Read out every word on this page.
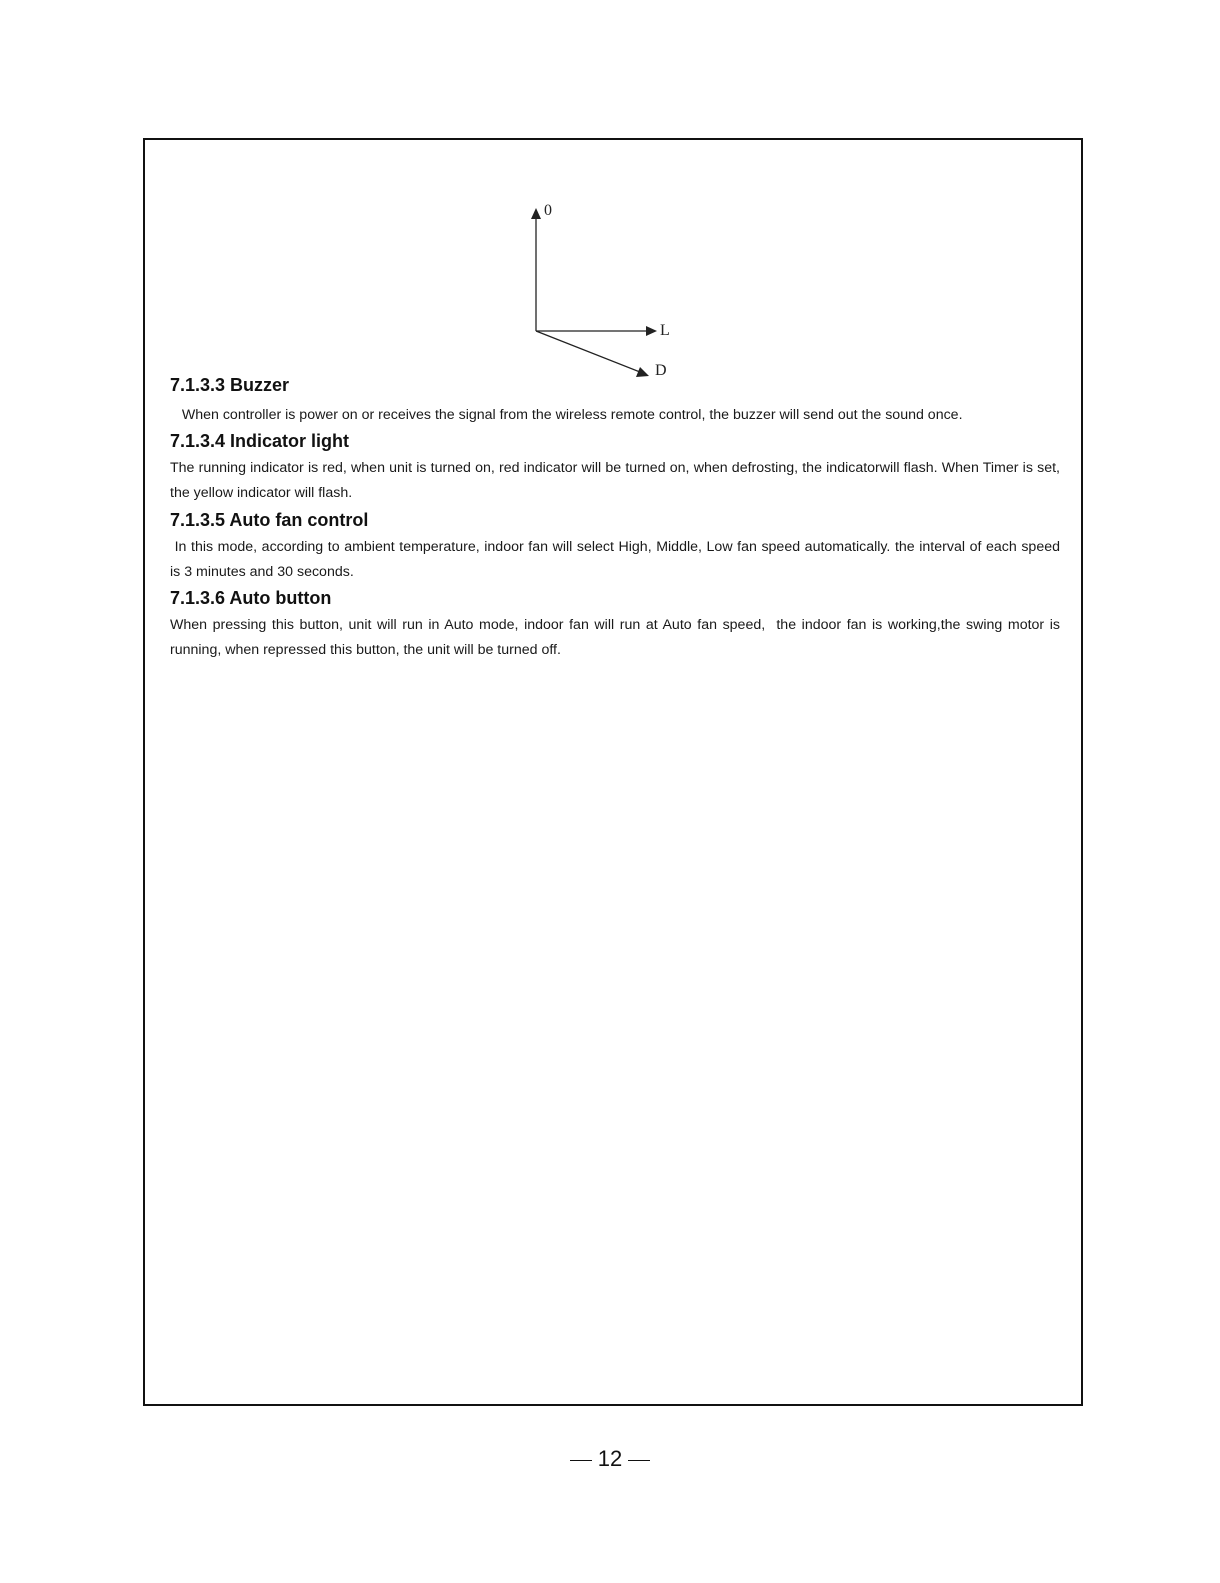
0
L
D
7.1.3.3 Buzzer
When controller is power on or receives the signal from the wireless remote control, the buzzer will send out the sound once.
7.1.3.4 Indicator light
The running indicator is red, when unit is turned on, red indicator will be turned on, when defrosting, the indicatorwill flash. When Timer is set, the yellow indicator will flash.
7.1.3.5 Auto fan control
In this mode, according to ambient temperature, indoor fan will select High, Middle, Low fan speed automatically. the interval of each speed is 3 minutes and 30 seconds.
7.1.3.6 Auto button
When pressing this button, unit will run in Auto mode, indoor fan will run at Auto fan speed,  the indoor fan is working,the swing motor is running, when repressed this button, the unit will be turned off.
12
